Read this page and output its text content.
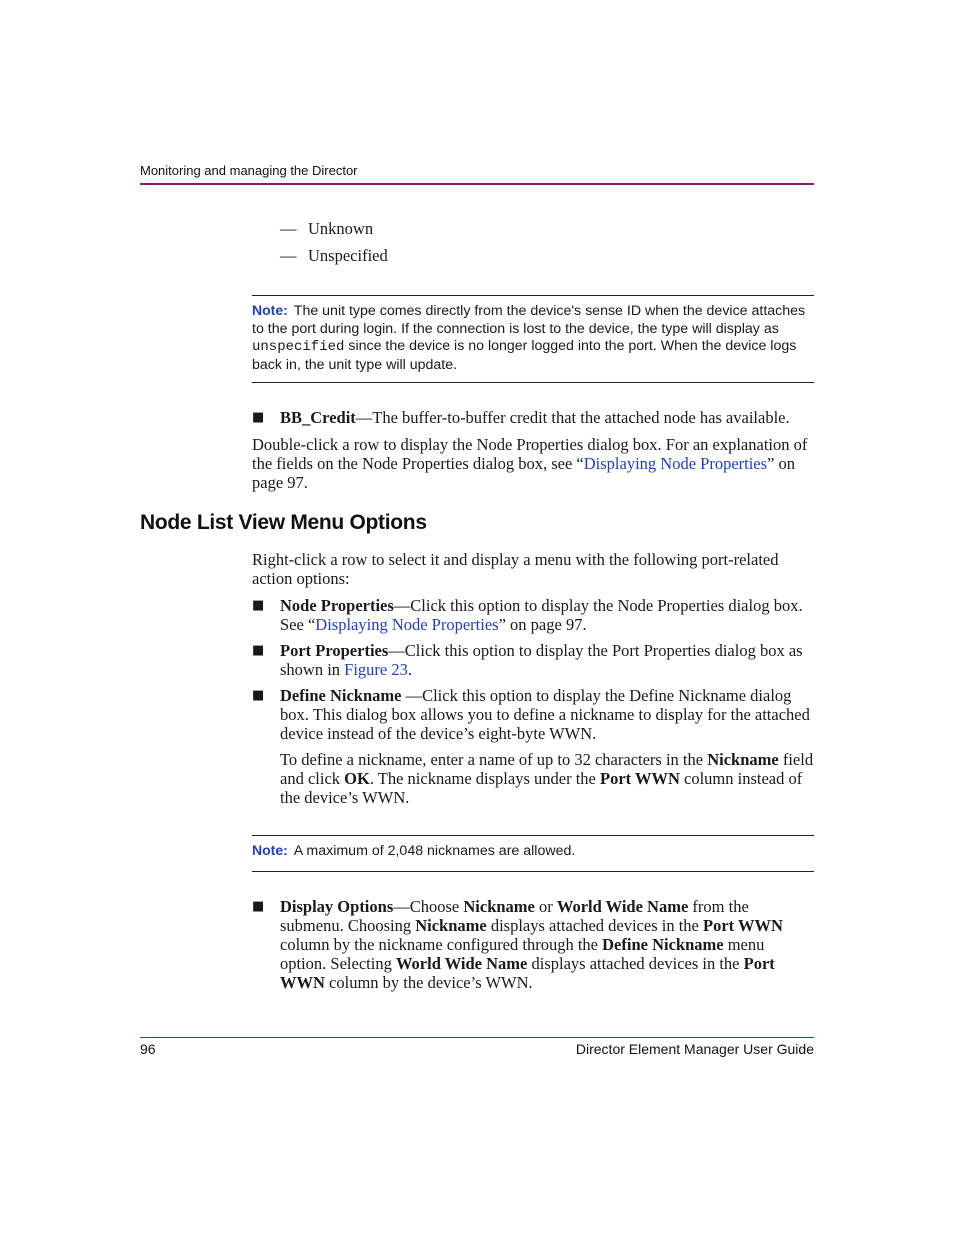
Monitoring and managing the Director
— Unknown
— Unspecified
Note: The unit type comes directly from the device's sense ID when the device attaches to the port during login. If the connection is lost to the device, the type will display as unspecified since the device is no longer logged into the port. When the device logs back in, the unit type will update.
■ BB_Credit—The buffer-to-buffer credit that the attached node has available.
Double-click a row to display the Node Properties dialog box. For an explanation of the fields on the Node Properties dialog box, see “Displaying Node Properties” on page 97.
Node List View Menu Options
Right-click a row to select it and display a menu with the following port-related action options:
■ Node Properties—Click this option to display the Node Properties dialog box. See “Displaying Node Properties” on page 97.
■ Port Properties—Click this option to display the Port Properties dialog box as shown in Figure 23.
■ Define Nickname —Click this option to display the Define Nickname dialog box. This dialog box allows you to define a nickname to display for the attached device instead of the device’s eight-byte WWN.
To define a nickname, enter a name of up to 32 characters in the Nickname field and click OK. The nickname displays under the Port WWN column instead of the device’s WWN.
Note: A maximum of 2,048 nicknames are allowed.
■ Display Options—Choose Nickname or World Wide Name from the submenu. Choosing Nickname displays attached devices in the Port WWN column by the nickname configured through the Define Nickname menu option. Selecting World Wide Name displays attached devices in the Port WWN column by the device’s WWN.
96	Director Element Manager User Guide
